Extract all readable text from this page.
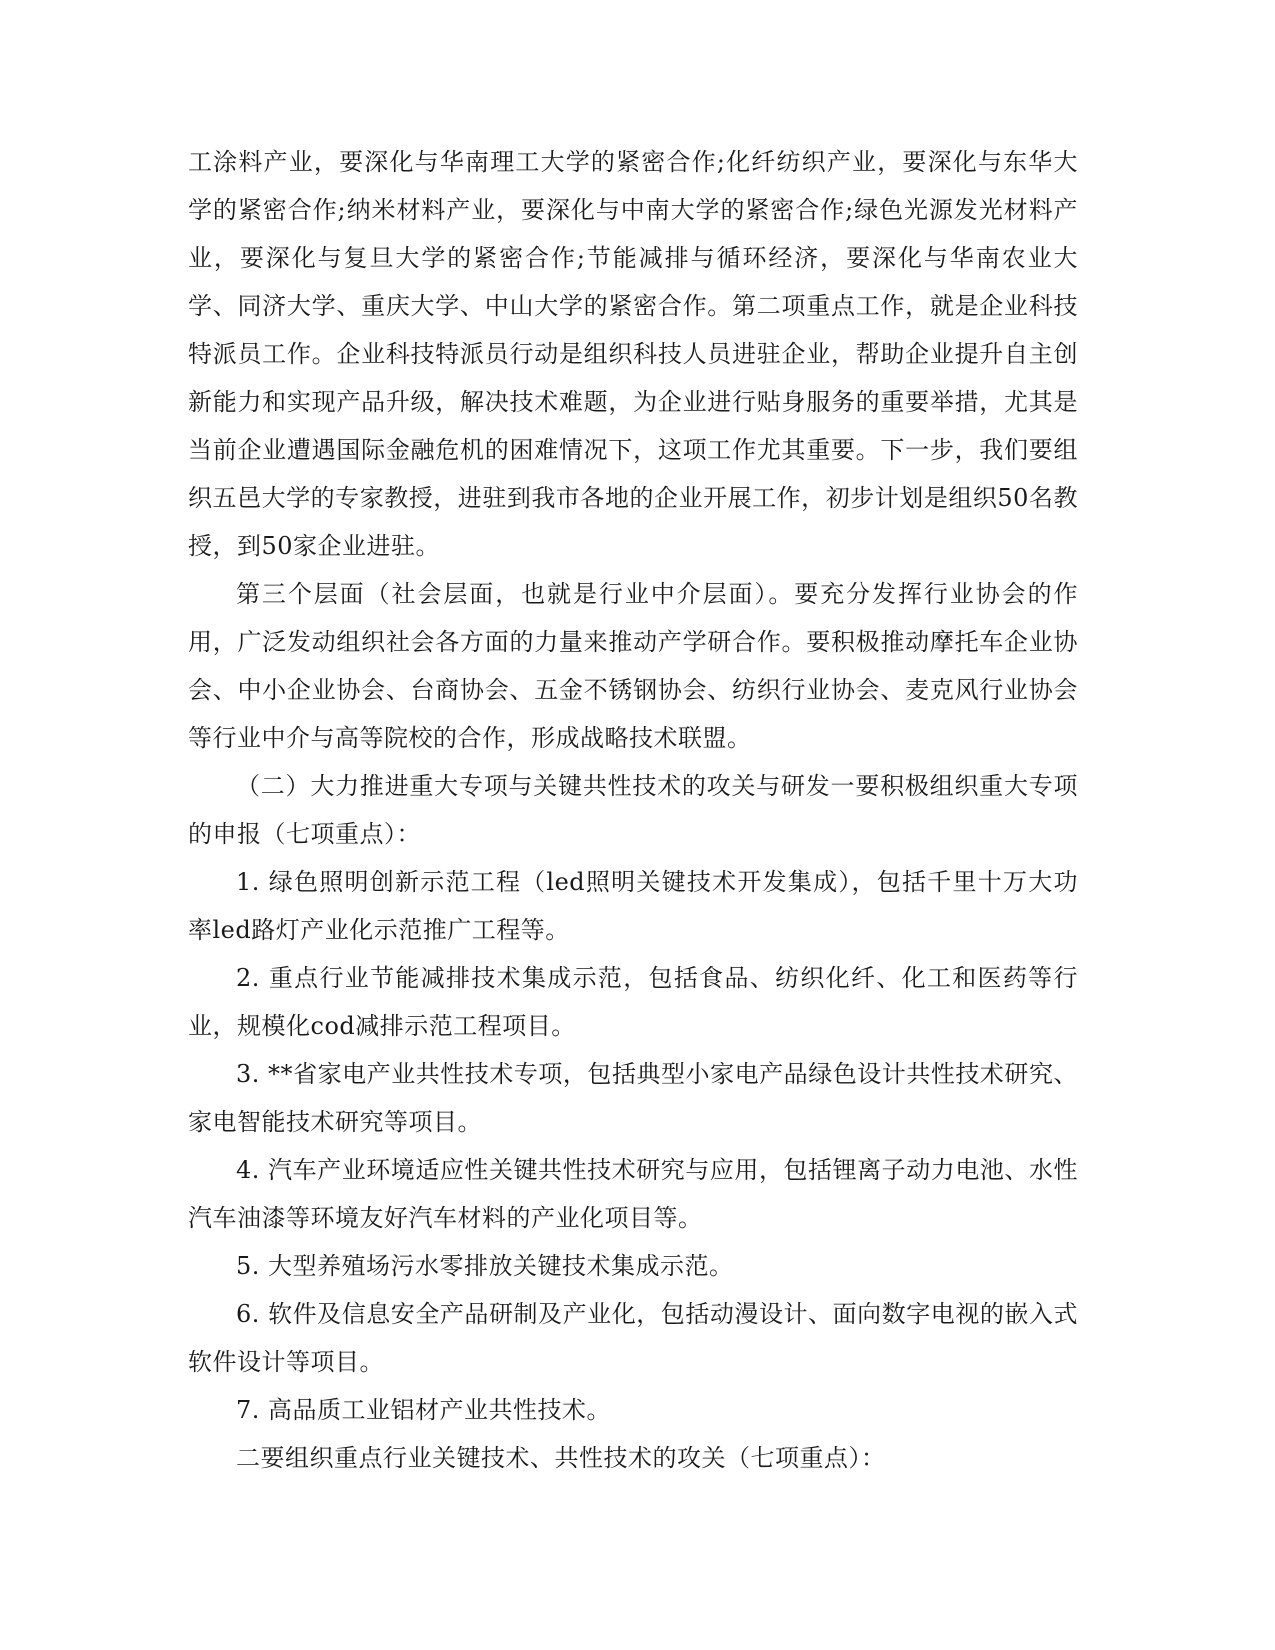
工涂料产业，要深化与华南理工大学的紧密合作;化纤纺织产业，要深化与东华大学的紧密合作;纳米材料产业，要深化与中南大学的紧密合作;绿色光源发光材料产业，要深化与复旦大学的紧密合作;节能减排与循环经济，要深化与华南农业大学、同济大学、重庆大学、中山大学的紧密合作。第二项重点工作，就是企业科技特派员工作。企业科技特派员行动是组织科技人员进驻企业，帮助企业提升自主创新能力和实现产品升级，解决技术难题，为企业进行贴身服务的重要举措，尤其是当前企业遭遇国际金融危机的困难情况下，这项工作尤其重要。下一步，我们要组织五邑大学的专家教授，进驻到我市各地的企业开展工作，初步计划是组织50名教授，到50家企业进驻。

第三个层面（社会层面，也就是行业中介层面）。要充分发挥行业协会的作用，广泛发动组织社会各方面的力量来推动产学研合作。要积极推动摩托车企业协会、中小企业协会、台商协会、五金不锈钢协会、纺织行业协会、麦克风行业协会等行业中介与高等院校的合作，形成战略技术联盟。

（二）大力推进重大专项与关键共性技术的攻关与研发一要积极组织重大专项的申报（七项重点）：

1. 绿色照明创新示范工程（led照明关键技术开发集成），包括千里十万大功率led路灯产业化示范推广工程等。

2. 重点行业节能减排技术集成示范，包括食品、纺织化纤、化工和医药等行业，规模化cod减排示范工程项目。

3. **省家电产业共性技术专项，包括典型小家电产品绿色设计共性技术研究、家电智能技术研究等项目。

4. 汽车产业环境适应性关键共性技术研究与应用，包括锂离子动力电池、水性汽车油漆等环境友好汽车材料的产业化项目等。

5. 大型养殖场污水零排放关键技术集成示范。

6. 软件及信息安全产品研制及产业化，包括动漫设计、面向数字电视的嵌入式软件设计等项目。

7. 高品质工业铝材产业共性技术。

二要组织重点行业关键技术、共性技术的攻关（七项重点）：
